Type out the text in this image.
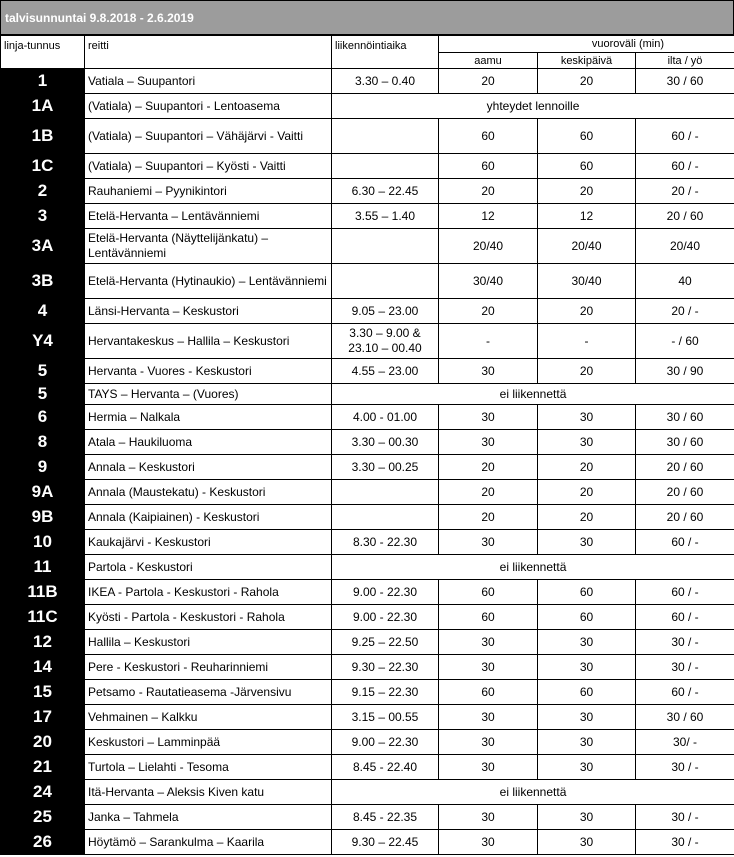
talvisunnuntai 9.8.2018 - 2.6.2019
linja-tunnus	reitti	liikennöintiaika	vuoroväli (min)		
			aamu	keskipäivä	ilta / yö
1	Vatiala – Suupantori	3.30 – 0.40	20	20	30 / 60
1A	(Vatiala) – Suupantori - Lentoasema	yhteydet lennoille			
1B	(Vatiala) – Suupantori – Vähäjärvi - Vaitti		60	60	60 / -
1C	(Vatiala) – Suupantori – Kyösti - Vaitti		60	60	60 / -
2	Rauhaniemi – Pyynikintori	6.30 – 22.45	20	20	20 / -
3	Etelä-Hervanta – Lentävänniemi	3.55 – 1.40	12	12	20 / 60
3A	Etelä-Hervanta (Näyttelijänkatu) – Lentävänniemi		20/40	20/40	20/40
3B	Etelä-Hervanta (Hytinaukio) – Lentävänniemi		30/40	30/40	40
4	Länsi-Hervanta – Keskustori	9.05 – 23.00	20	20	20 / -
Y4	Hervantakeskus – Hallila – Keskustori	3.30 – 9.00 & 23.10 – 00.40	-	-	- / 60
5	Hervanta - Vuores - Keskustori	4.55 – 23.00	30	20	30 / 90
5	TAYS – Hervanta – (Vuores)	ei liikennettä			
6	Hermia – Nalkala	4.00 - 01.00	30	30	30 / 60
8	Atala – Haukiluoma	3.30 – 00.30	30	30	30 / 60
9	Annala – Keskustori	3.30 – 00.25	20	20	20 / 60
9A	Annala (Maustekatu) - Keskustori		20	20	20 / 60
9B	Annala (Kaipiainen) - Keskustori		20	20	20 / 60
10	Kaukajärvi - Keskustori	8.30 - 22.30	30	30	60 / -
11	Partola - Keskustori	ei liikennettä			
11B	IKEA - Partola - Keskustori - Rahola	9.00 - 22.30	60	60	60 / -
11C	Kyösti - Partola - Keskustori - Rahola	9.00 - 22.30	60	60	60 / -
12	Hallila – Keskustori	9.25 – 22.50	30	30	30 / -
14	Pere - Keskustori - Reuharinniemi	9.30 – 22.30	30	30	30 / -
15	Petsamo - Rautatieasema -Järvensivu	9.15 – 22.30	60	60	60 / -
17	Vehmainen – Kalkku	3.15 – 00.55	30	30	30 / 60
20	Keskustori – Lamminpää	9.00 – 22.30	30	30	30/ -
21	Turtola – Lielahti - Tesoma	8.45 - 22.40	30	30	30 / -
24	Itä-Hervanta – Aleksis Kiven katu	ei liikennettä			
25	Janka – Tahmela	8.45 - 22.35	30	30	30 / -
26	Höytämö – Sarankulma – Kaarila	9.30 – 22.45	30	30	30 / -
